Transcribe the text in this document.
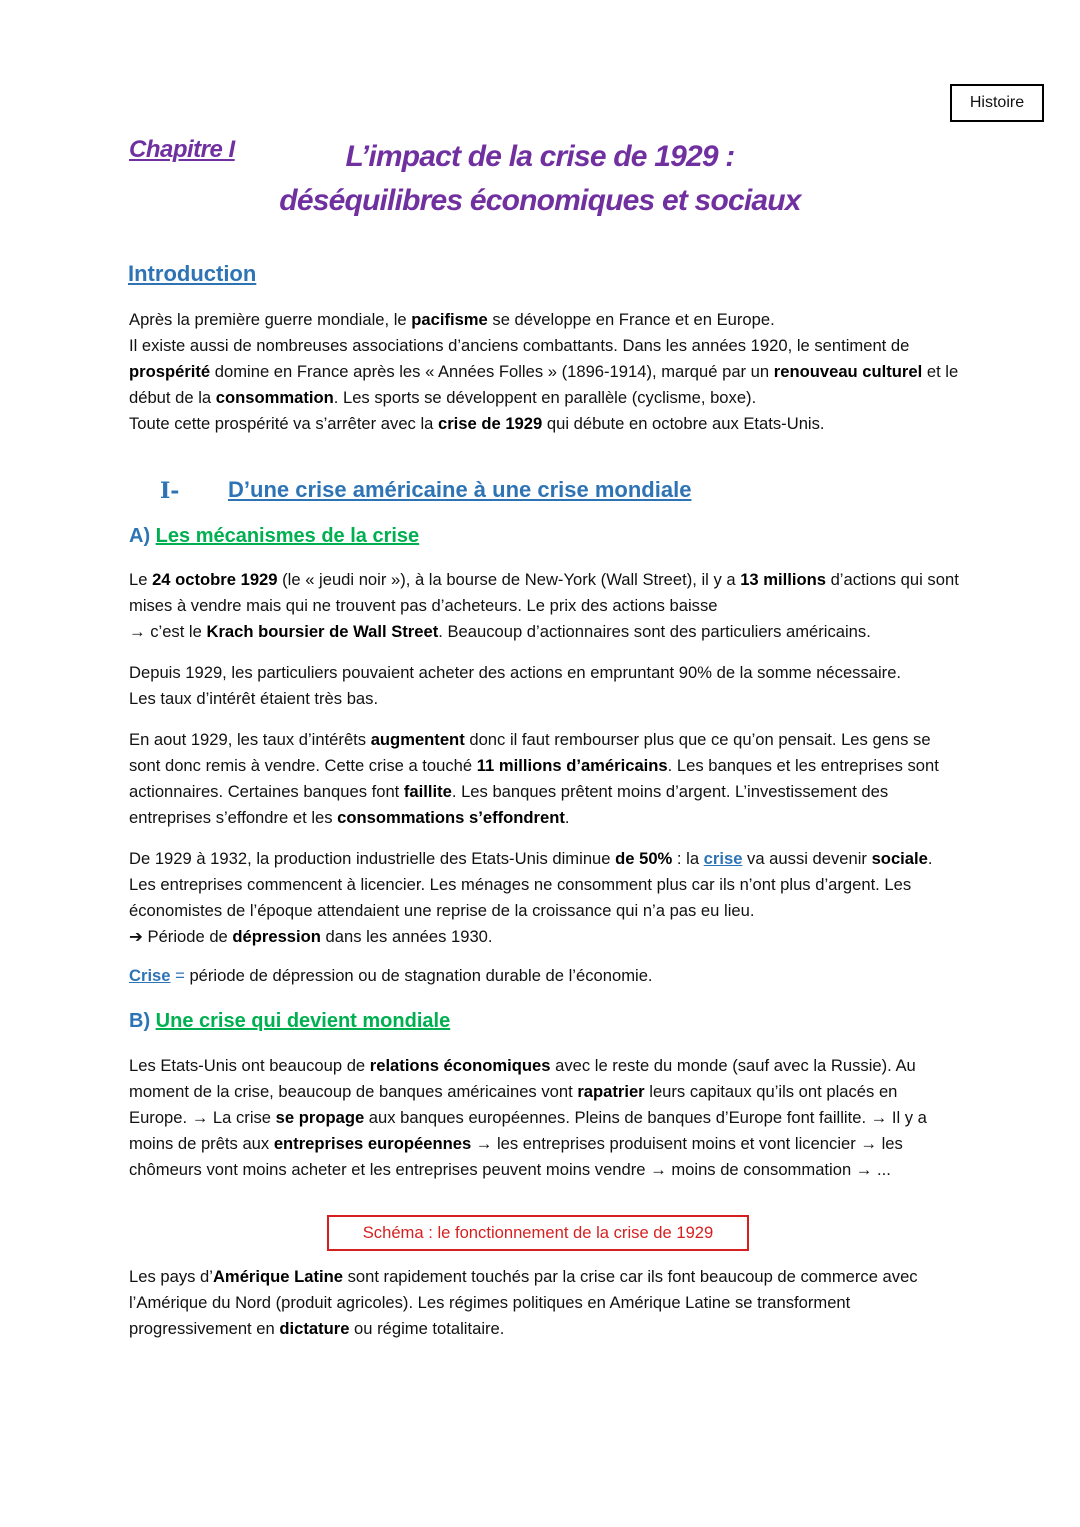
Histoire
Chapitre I	L’impact de la crise de 1929 :
déséquilibres économiques et sociaux
Introduction

Après la première guerre mondiale, le pacifisme se développe en France et en Europe.
Il existe aussi de nombreuses associations d’anciens combattants. Dans les années 1920, le sentiment de prospérité domine en France après les « Années Folles » (1896-1914), marqué par un renouveau culturel et le début de la consommation. Les sports se développent en parallèle (cyclisme, boxe).
Toute cette prospérité va s’arrêter avec la crise de 1929 qui débute en octobre aux Etats-Unis.

I- D’une crise américaine à une crise mondiale
A) Les mécanismes de la crise

Le 24 octobre 1929 (le « jeudi noir »), à la bourse de New-York (Wall Street), il y a 13 millions d’actions qui sont mises à vendre mais qui ne trouvent pas d’acheteurs. Le prix des actions baisse
→ c’est le Krach boursier de Wall Street. Beaucoup d’actionnaires sont des particuliers américains.

Depuis 1929, les particuliers pouvaient acheter des actions en empruntant 90% de la somme nécessaire. Les taux d’intérêt étaient très bas.

En aout 1929, les taux d’intérêts augmentent donc il faut rembourser plus que ce qu’on pensait. Les gens se sont donc remis à vendre. Cette crise a touché 11 millions d’américains. Les banques et les entreprises sont actionnaires. Certaines banques font faillite. Les banques prêtent moins d’argent. L’investissement des entreprises s’effondre et les consommations s’effondrent.

De 1929 à 1932, la production industrielle des Etats-Unis diminue de 50% : la crise va aussi devenir sociale. Les entreprises commencent à licencier. Les ménages ne consomment plus car ils n’ont plus d’argent. Les économistes de l’époque attendaient une reprise de la croissance qui n’a pas eu lieu.
➔ Période de dépression dans les années 1930.

Crise = période de dépression ou de stagnation durable de l’économie.
B) Une crise qui devient mondiale

Les Etats-Unis ont beaucoup de relations économiques avec le reste du monde (sauf avec la Russie). Au moment de la crise, beaucoup de banques américaines vont rapatrier leurs capitaux qu’ils ont placés en Europe. → La crise se propage aux banques européennes. Pleins de banques d’Europe font faillite. → Il y a moins de prêts aux entreprises européennes → les entreprises produisent moins et vont licencier → les chômeurs vont moins acheter et les entreprises peuvent moins vendre → moins de consommation → ...

Schéma : le fonctionnement de la crise de 1929

Les pays d’Amérique Latine sont rapidement touchés par la crise car ils font beaucoup de commerce avec l’Amérique du Nord (produit agricoles). Les régimes politiques en Amérique Latine se transforment progressivement en dictature ou régime totalitaire.
